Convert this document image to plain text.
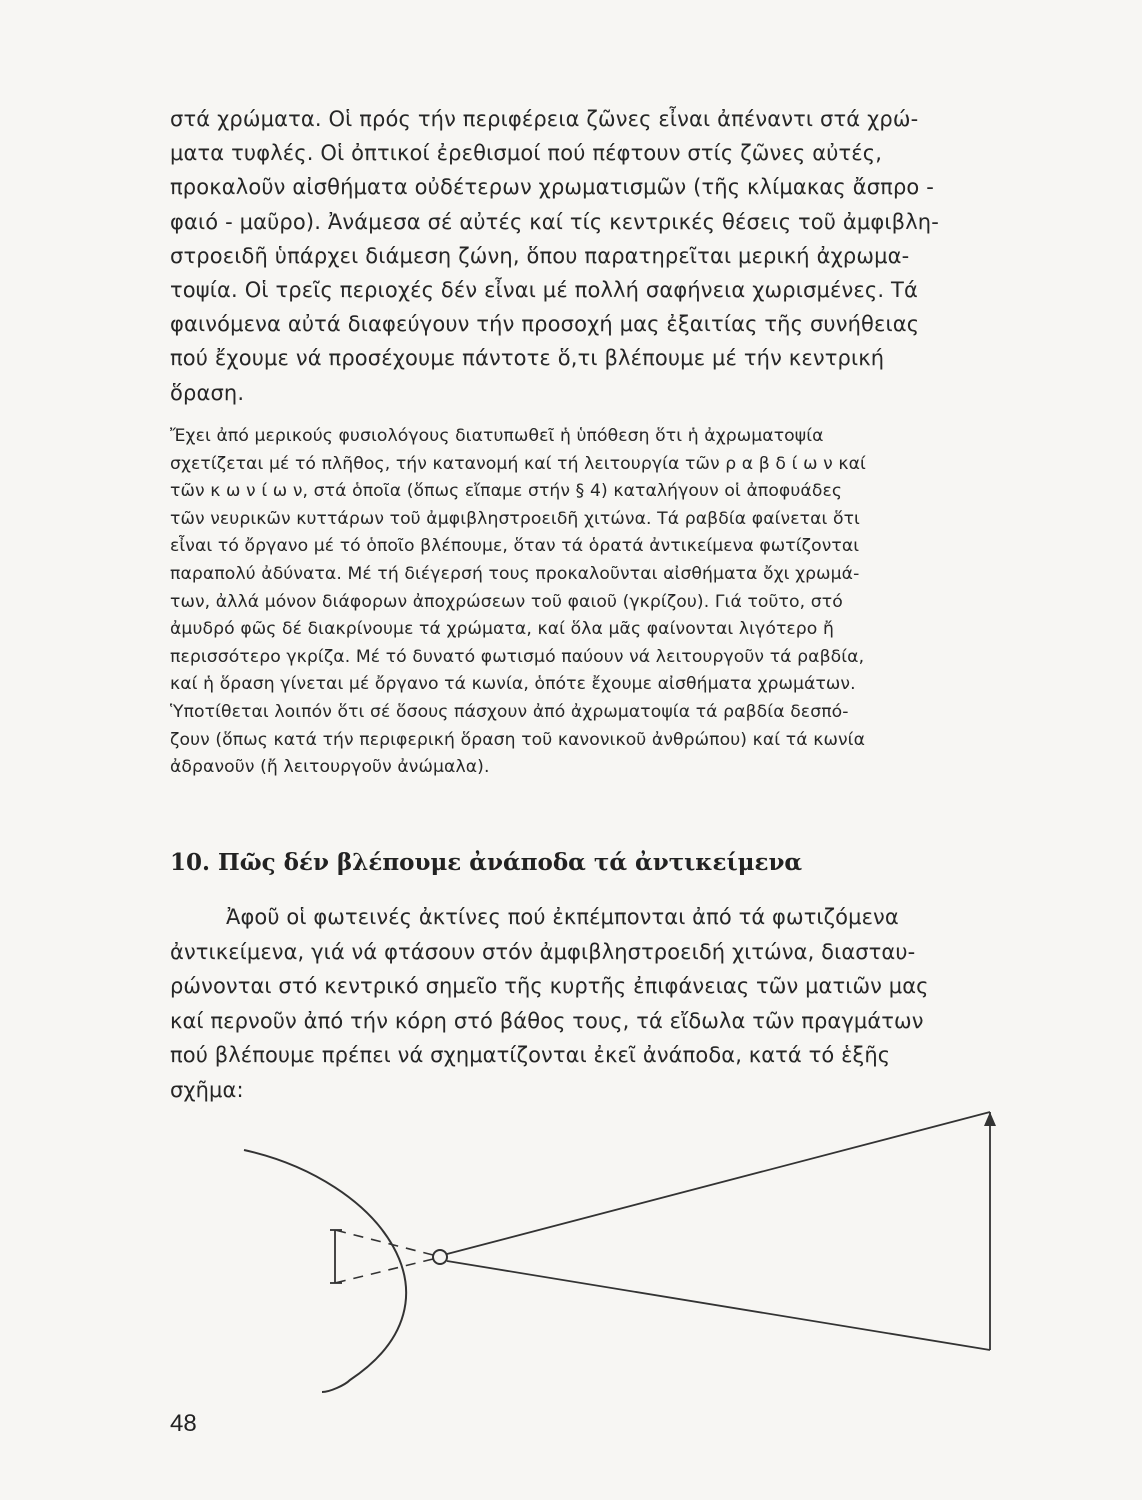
στά χρώματα. Οἱ πρός τήν περιφέρεια ζῶνες εἶναι ἀπέναντι στά χρώ-
ματα τυφλές. Οἱ ὀπτικοί ἐρεθισμοί πού πέφτουν στίς ζῶνες αὐτές,
προκαλοῦν αἰσθήματα οὐδέτερων χρωματισμῶν (τῆς κλίμακας ἄσπρο -
φαιό - μαῦρο). Ἀνάμεσα σέ αὐτές καί τίς κεντρικές θέσεις τοῦ ἀμφιβλη-
στροειδῆ ὑπάρχει διάμεση ζώνη, ὅπου παρατηρεῖται μερική ἀχρωμα-
τοψία. Οἱ τρεῖς περιοχές δέν εἶναι μέ πολλή σαφήνεια χωρισμένες. Τά
φαινόμενα αὐτά διαφεύγουν τήν προσοχή μας ἐξαιτίας τῆς συνήθειας
πού ἔχουμε νά προσέχουμε πάντοτε ὅ,τι βλέπουμε μέ τήν κεντρική
ὅραση.
Ἔχει ἀπό μερικούς φυσιολόγους διατυπωθεῖ ἡ ὑπόθεση ὅτι ἡ ἀχρωματοψία
σχετίζεται μέ τό πλῆθος, τήν κατανομή καί τή λειτουργία τῶν ρ α β δ ί ω ν καί
τῶν κ ω ν ί ω ν, στά ὁποῖα (ὅπως εἴπαμε στήν § 4) καταλήγουν οἱ ἀποφυάδες
τῶν νευρικῶν κυττάρων τοῦ ἀμφιβληστροειδῆ χιτώνα. Τά ραβδία φαίνεται ὅτι
εἶναι τό ὄργανο μέ τό ὁποῖο βλέπουμε, ὅταν τά ὁρατά ἀντικείμενα φωτίζονται
παραπολύ ἀδύνατα. Μέ τή διέγερσή τους προκαλοῦνται αἰσθήματα ὄχι χρωμά-
των, ἀλλά μόνον διάφορων ἀποχρώσεων τοῦ φαιοῦ (γκρίζου). Γιά τοῦτο, στό
ἀμυδρό φῶς δέ διακρίνουμε τά χρώματα, καί ὅλα μᾶς φαίνονται λιγότερο ἤ
περισσότερο γκρίζα. Μέ τό δυνατό φωτισμό παύουν νά λειτουργοῦν τά ραβδία,
καί ἡ ὅραση γίνεται μέ ὄργανο τά κωνία, ὁπότε ἔχουμε αἰσθήματα χρωμάτων.
Ὑποτίθεται λοιπόν ὅτι σέ ὅσους πάσχουν ἀπό ἀχρωματοψία τά ραβδία δεσπό-
ζουν (ὅπως κατά τήν περιφερική ὅραση τοῦ κανονικοῦ ἀνθρώπου) καί τά κωνία
ἀδρανοῦν (ἤ λειτουργοῦν ἀνώμαλα).
10. Πῶς δέν βλέπουμε ἀνάποδα τά ἀντικείμενα
Ἀφοῦ οἱ φωτεινές ἀκτίνες πού ἐκπέμπονται ἀπό τά φωτιζόμενα
ἀντικείμενα, γιά νά φτάσουν στόν ἀμφιβληστροειδή χιτώνα, διασταυ-
ρώνονται στό κεντρικό σημεῖο τῆς κυρτῆς ἐπιφάνειας τῶν ματιῶν μας
καί περνοῦν ἀπό τήν κόρη στό βάθος τους, τά εἴδωλα τῶν πραγμάτων
πού βλέπουμε πρέπει νά σχηματίζονται ἐκεῖ ἀνάποδα, κατά τό ἑξῆς
σχῆμα:
48
